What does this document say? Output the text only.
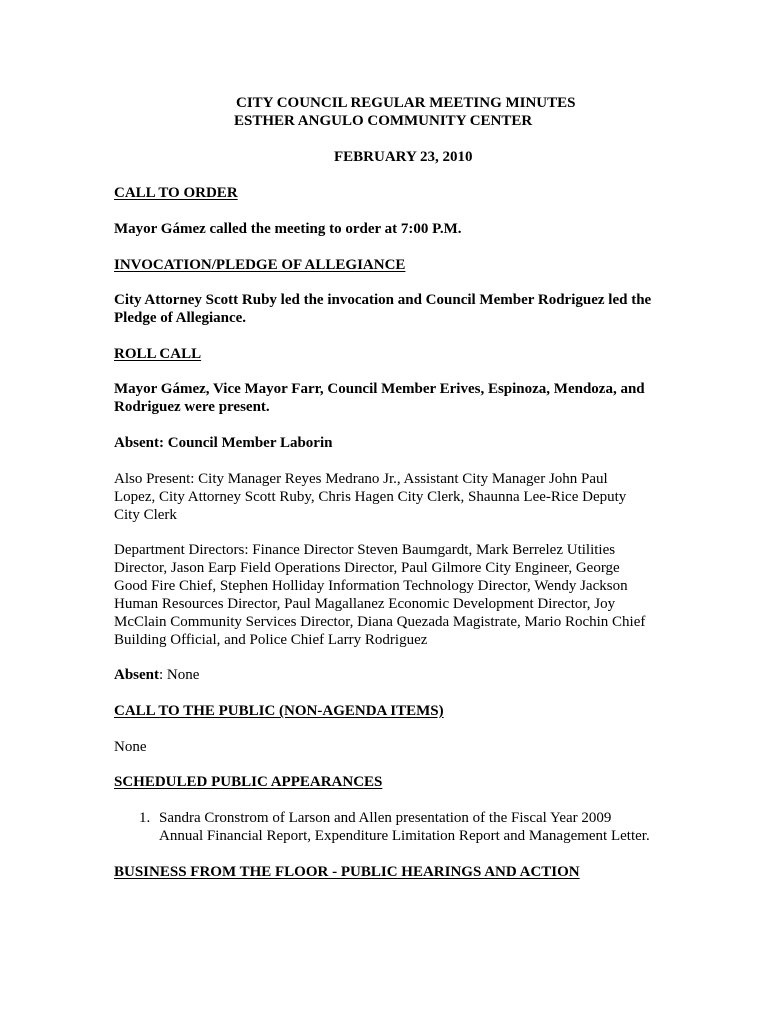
CITY COUNCIL REGULAR MEETING MINUTES
ESTHER ANGULO COMMUNITY CENTER
FEBRUARY 23, 2010
CALL TO ORDER
Mayor Gámez called the meeting to order at 7:00 P.M.
INVOCATION/PLEDGE OF ALLEGIANCE
City Attorney Scott Ruby led the invocation and Council Member Rodriguez led the
Pledge of Allegiance.
ROLL CALL
Mayor Gámez, Vice Mayor Farr, Council Member Erives, Espinoza, Mendoza, and
Rodriguez were present.
Absent: Council Member Laborin
Also Present: City Manager Reyes Medrano Jr., Assistant City Manager John Paul
Lopez, City Attorney Scott Ruby, Chris Hagen City Clerk, Shaunna Lee-Rice Deputy
City Clerk
Department Directors: Finance Director Steven Baumgardt, Mark Berrelez Utilities
Director, Jason Earp Field Operations Director, Paul Gilmore City Engineer, George
Good Fire Chief, Stephen Holliday Information Technology Director, Wendy Jackson
Human Resources Director, Paul Magallanez Economic Development Director, Joy
McClain Community Services Director, Diana Quezada Magistrate, Mario Rochin Chief
Building Official, and Police Chief Larry Rodriguez
Absent: None
CALL TO THE PUBLIC (NON-AGENDA ITEMS)
None
SCHEDULED PUBLIC APPEARANCES
1. Sandra Cronstrom of Larson and Allen presentation of the Fiscal Year 2009
Annual Financial Report, Expenditure Limitation Report and Management Letter.
BUSINESS FROM THE FLOOR - PUBLIC HEARINGS AND ACTION
